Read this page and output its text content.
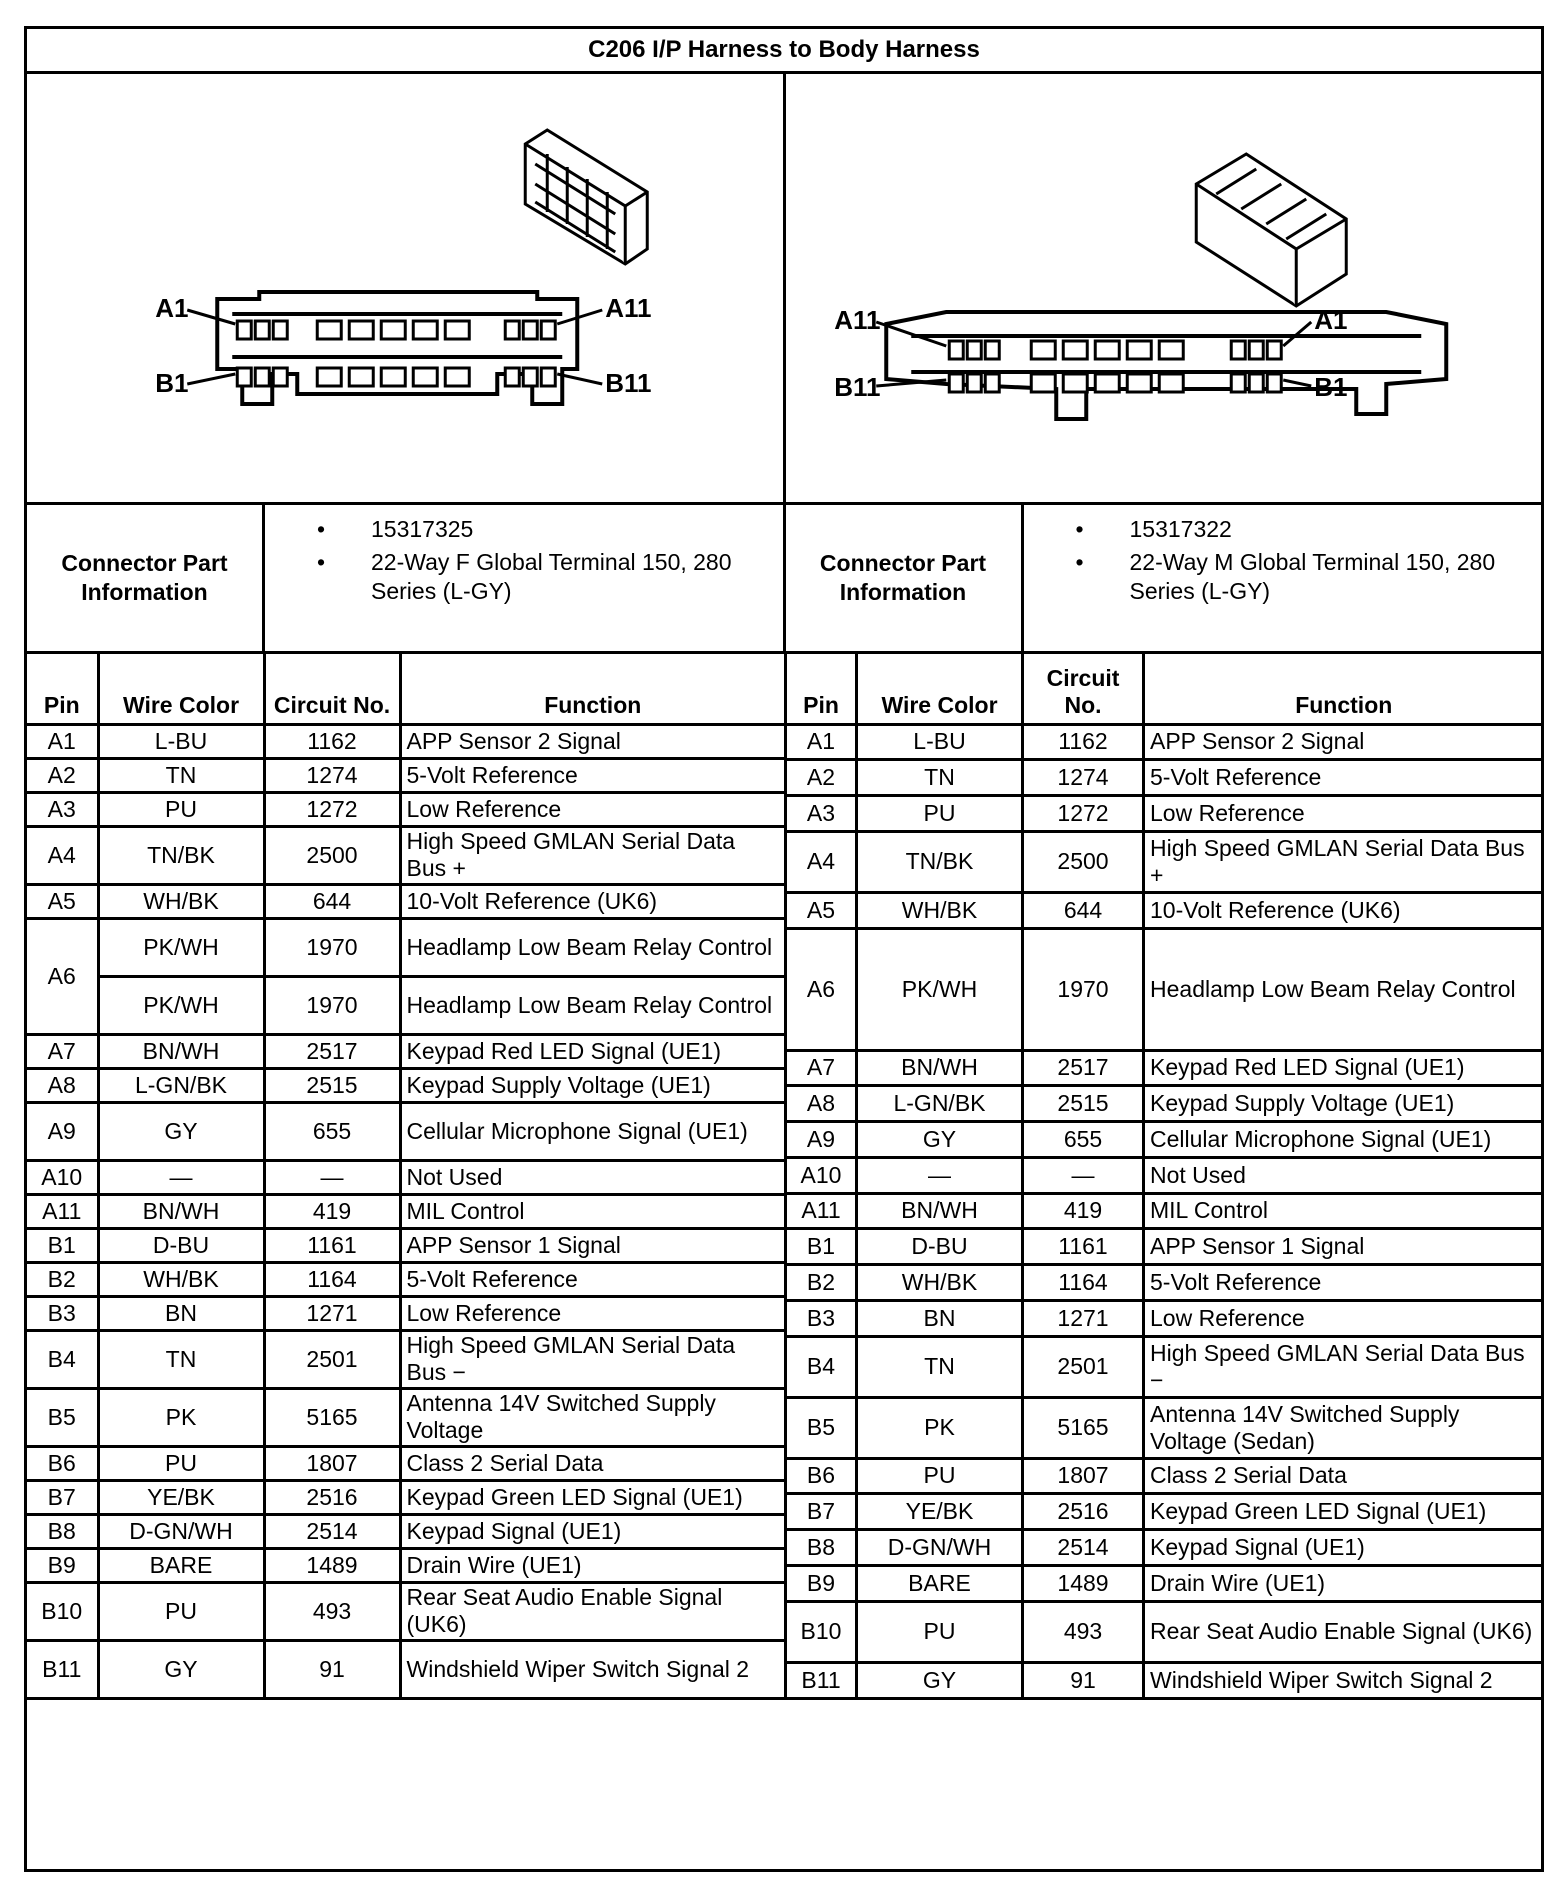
C206 I/P Harness to Body Harness
A1	A11
B1	B11
A11	A1
B11	B1
Connector Part
Information
• 15317325
• 22-Way F Global Terminal 150, 280 Series (L-GY)
Connector Part
Information
• 15317322
• 22-Way M Global Terminal 150, 280 Series (L-GY)
Pin	Wire Color	Circuit No.	Function
A1	L-BU	1162	APP Sensor 2 Signal
A2	TN	1274	5-Volt Reference
A3	PU	1272	Low Reference
A4	TN/BK	2500	High Speed GMLAN Serial Data Bus +
A5	WH/BK	644	10-Volt Reference (UK6)
A6	PK/WH	1970	Headlamp Low Beam Relay Control
	PK/WH	1970	Headlamp Low Beam Relay Control
A7	BN/WH	2517	Keypad Red LED Signal (UE1)
A8	L-GN/BK	2515	Keypad Supply Voltage (UE1)
A9	GY	655	Cellular Microphone Signal (UE1)
A10	—	—	Not Used
A11	BN/WH	419	MIL Control
B1	D-BU	1161	APP Sensor 1 Signal
B2	WH/BK	1164	5-Volt Reference
B3	BN	1271	Low Reference
B4	TN	2501	High Speed GMLAN Serial Data Bus −
B5	PK	5165	Antenna 14V Switched Supply Voltage
B6	PU	1807	Class 2 Serial Data
B7	YE/BK	2516	Keypad Green LED Signal (UE1)
B8	D-GN/WH	2514	Keypad Signal (UE1)
B9	BARE	1489	Drain Wire (UE1)
B10	PU	493	Rear Seat Audio Enable Signal (UK6)
B11	GY	91	Windshield Wiper Switch Signal 2
Pin	Wire Color	Circuit No.	Function
A1	L-BU	1162	APP Sensor 2 Signal
A2	TN	1274	5-Volt Reference
A3	PU	1272	Low Reference
A4	TN/BK	2500	High Speed GMLAN Serial Data Bus +
A5	WH/BK	644	10-Volt Reference (UK6)
A6	PK/WH	1970	Headlamp Low Beam Relay Control
A7	BN/WH	2517	Keypad Red LED Signal (UE1)
A8	L-GN/BK	2515	Keypad Supply Voltage (UE1)
A9	GY	655	Cellular Microphone Signal (UE1)
A10	—	—	Not Used
A11	BN/WH	419	MIL Control
B1	D-BU	1161	APP Sensor 1 Signal
B2	WH/BK	1164	5-Volt Reference
B3	BN	1271	Low Reference
B4	TN	2501	High Speed GMLAN Serial Data Bus −
B5	PK	5165	Antenna 14V Switched Supply Voltage (Sedan)
B6	PU	1807	Class 2 Serial Data
B7	YE/BK	2516	Keypad Green LED Signal (UE1)
B8	D-GN/WH	2514	Keypad Signal (UE1)
B9	BARE	1489	Drain Wire (UE1)
B10	PU	493	Rear Seat Audio Enable Signal (UK6)
B11	GY	91	Windshield Wiper Switch Signal 2
